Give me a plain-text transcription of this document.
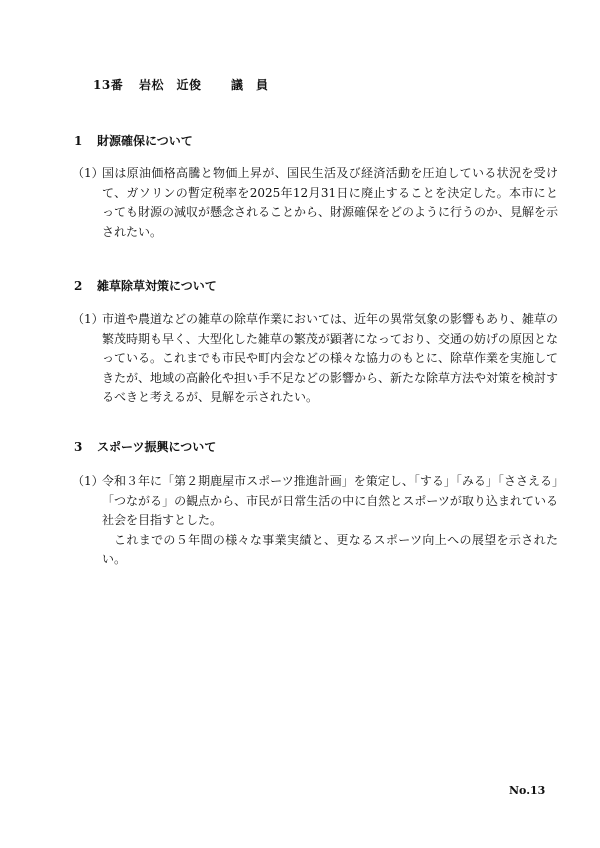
13番 岩松　近俊 議　員
1 財源確保について
（1）

国は原油価格高騰と物価上昇が、国民生活及び経済活動を圧迫している状況を受けて、ガソリンの暫定税率を2025年12月31日に廃止することを決定した。本市にとっても財源の減収が懸念されることから、財源確保をどのように行うのか、見解を示されたい。

2 雑草除草対策について
（1）

市道や農道などの雑草の除草作業においては、近年の異常気象の影響もあり、雑草の繁茂時期も早く、大型化した雑草の繁茂が顕著になっており、交通の妨げの原因となっている。これまでも市民や町内会などの様々な協力のもとに、除草作業を実施してきたが、地域の高齢化や担い手不足などの影響から、新たな除草方法や対策を検討するべきと考えるが、見解を示されたい。

3 スポーツ振興について
（1）

令和３年に「第２期鹿屋市スポーツ推進計画」を策定し、「する」「みる」「ささえる」「つながる」の観点から、市民が日常生活の中に自然とスポーツが取り込まれている社会を目指すとした。

これまでの５年間の様々な事業実績と、更なるスポーツ向上への展望を示されたい。

No.13
